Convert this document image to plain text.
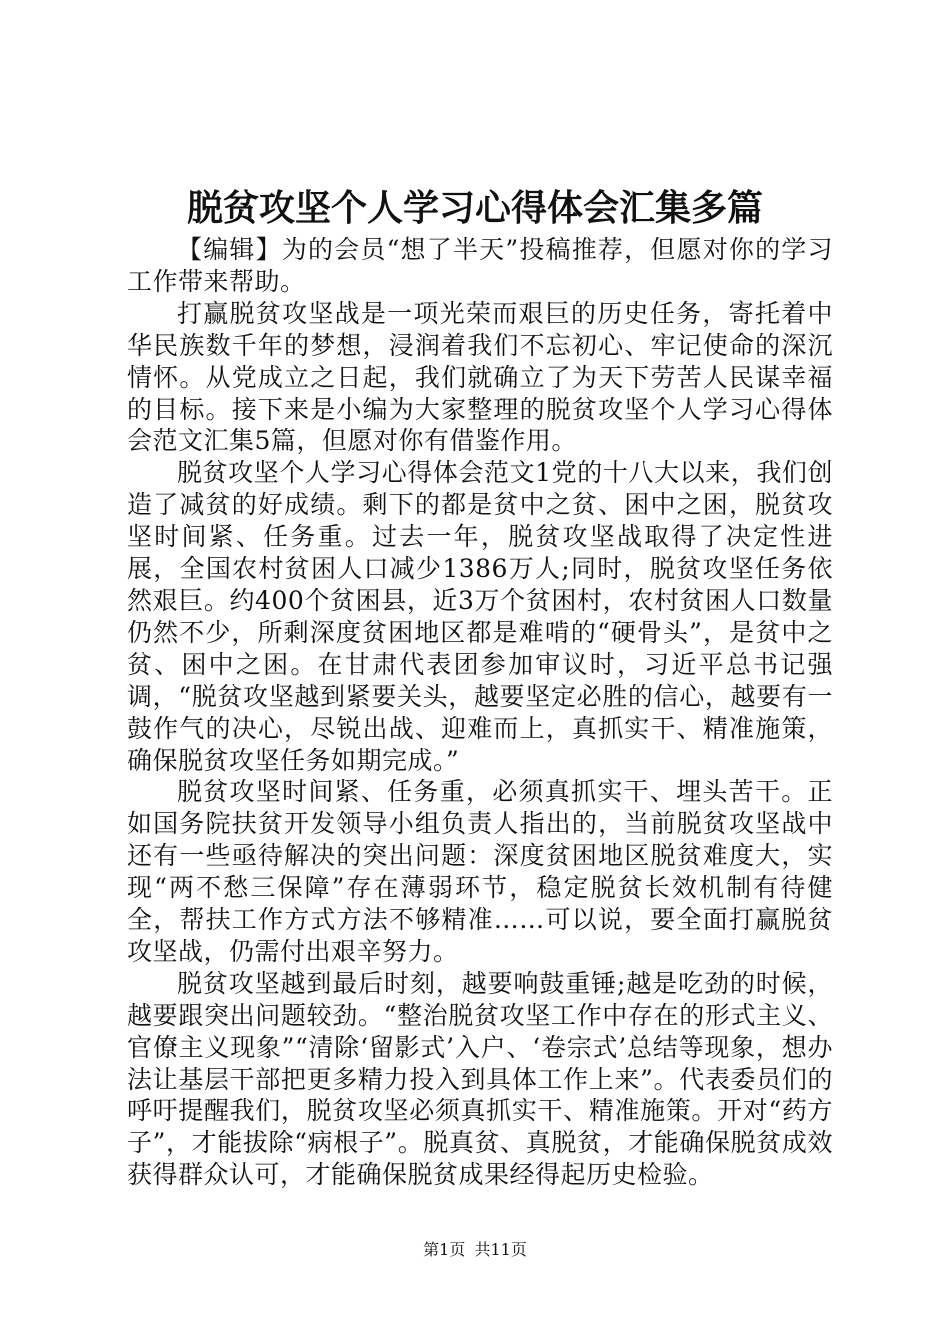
脱贫攻坚个人学习心得体会汇集多篇

【编辑】为的会员“想了半天”投稿推荐，但愿对你的学习工作带来帮助。

打赢脱贫攻坚战是一项光荣而艰巨的历史任务，寄托着中华民族数千年的梦想，浸润着我们不忘初心、牢记使命的深沉情怀。从党成立之日起，我们就确立了为天下劳苦人民谋幸福的目标。接下来是小编为大家整理的脱贫攻坚个人学习心得体会范文汇集5篇，但愿对你有借鉴作用。

脱贫攻坚个人学习心得体会范文1党的十八大以来，我们创造了减贫的好成绩。剩下的都是贫中之贫、困中之困，脱贫攻坚时间紧、任务重。过去一年，脱贫攻坚战取得了决定性进展，全国农村贫困人口减少1386万人;同时，脱贫攻坚任务依然艰巨。约400个贫困县，近3万个贫困村，农村贫困人口数量仍然不少，所剩深度贫困地区都是难啃的“硬骨头”，是贫中之贫、困中之困。在甘肃代表团参加审议时，习近平总书记强调，“脱贫攻坚越到紧要关头，越要坚定必胜的信心，越要有一鼓作气的决心，尽锐出战、迎难而上，真抓实干、精准施策，确保脱贫攻坚任务如期完成。”

脱贫攻坚时间紧、任务重，必须真抓实干、埋头苦干。正如国务院扶贫开发领导小组负责人指出的，当前脱贫攻坚战中还有一些亟待解决的突出问题：深度贫困地区脱贫难度大，实现“两不愁三保障”存在薄弱环节，稳定脱贫长效机制有待健全，帮扶工作方式方法不够精准……可以说，要全面打赢脱贫攻坚战，仍需付出艰辛努力。

脱贫攻坚越到最后时刻，越要响鼓重锤;越是吃劲的时候，越要跟突出问题较劲。“整治脱贫攻坚工作中存在的形式主义、官僚主义现象”“清除‘留影式’入户、‘卷宗式’总结等现象，想办法让基层干部把更多精力投入到具体工作上来”。代表委员们的呼吁提醒我们，脱贫攻坚必须真抓实干、精准施策。开对“药方子”，才能拔除“病根子”。脱真贫、真脱贫，才能确保脱贫成效获得群众认可，才能确保脱贫成果经得起历史检验。

第1页 共11页
